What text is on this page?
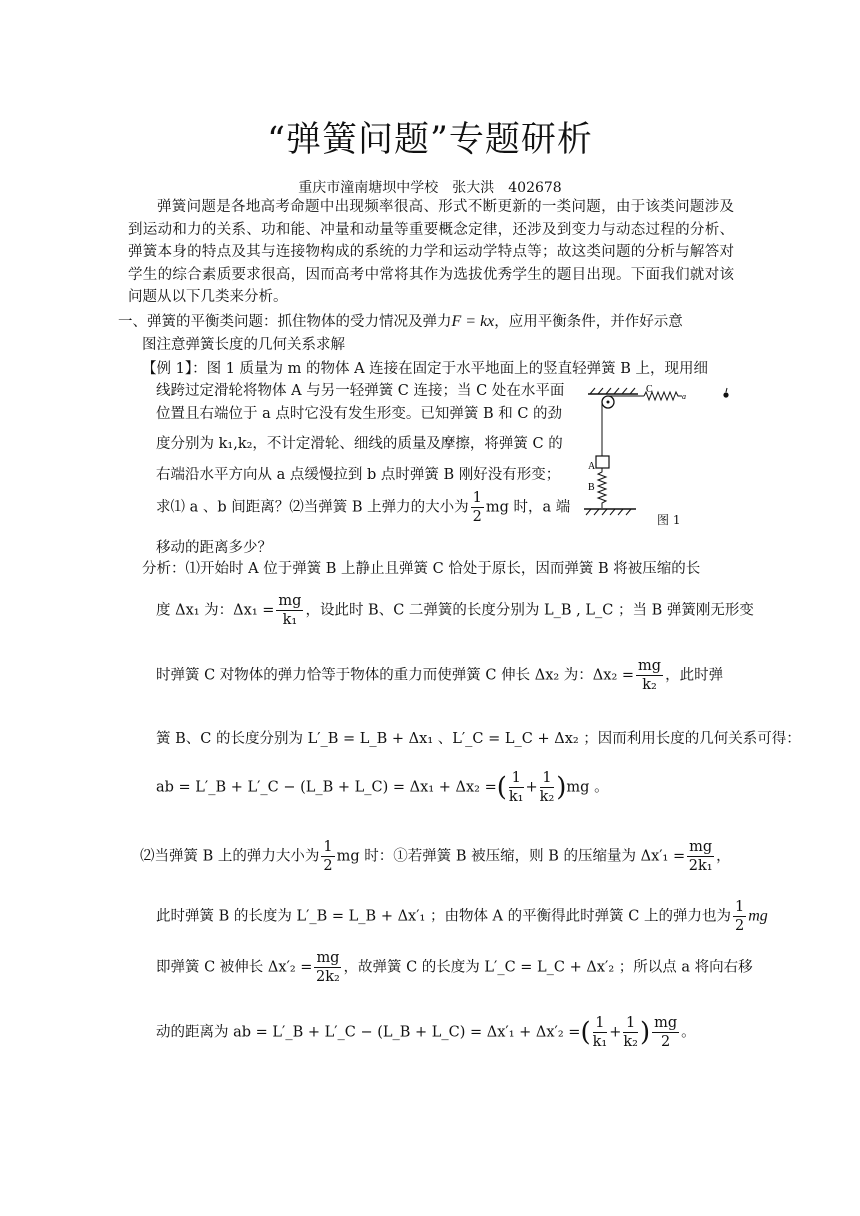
“弹簧问题”专题研析
重庆市潼南塘坝中学校　张大洪　402678
弹簧问题是各地高考命题中出现频率很高、形式不断更新的一类问题，由于该类问题涉及到运动和力的关系、功和能、冲量和动量等重要概念定律，还涉及到变力与动态过程的分析、弹簧本身的特点及其与连接物构成的系统的力学和运动学特点等；故这类问题的分析与解答对学生的综合素质要求很高，因而高考中常将其作为选拔优秀学生的题目出现。下面我们就对该问题从以下几类来分析。
一、弹簧的平衡类问题：抓住物体的受力情况及弹力F = kx，应用平衡条件，并作好示意
图注意弹簧长度的几何关系求解
【例 1】：图 1 质量为 m 的物体 A 连接在固定于水平地面上的竖直轻弹簧 B 上，现用细
线跨过定滑轮将物体 A 与另一轻弹簧 C 连接；当 C 处在水平面
位置且右端位于 a 点时它没有发生形变。已知弹簧 B 和 C 的劲
度分别为 k₁,k₂，不计定滑轮、细线的质量及摩擦，将弹簧 C 的
右端沿水平方向从 a 点缓慢拉到 b 点时弹簧 B 刚好没有形变；
求⑴ a 、b 间距离？⑵当弹簧 B 上弹力的大小为 $\frac{1}{2}$ mg 时，a 端
移动的距离多少？
C
a
A
B
图 1
分析：⑴开始时 A 位于弹簧 B 上静止且弹簧 C 恰处于原长，因而弹簧 B 将被压缩的长
度 Δx₁ 为：$\Delta x_1 = \frac{mg}{\text{k₁}}$ ，设此时 B、C 二弹簧的长度分别为 L_B , L_C ；当 B 弹簧刚无形变
时弹簧 C 对物体的弹力恰等于物体的重力而使弹簧 C 伸长 Δx₂ 为：$\Delta x_2 = \frac{mg}{\text{k₂}}$ ，此时弹
簧 B、C 的长度分别为 L′_B = L_B + Δx₁ 、L′_C = L_C + Δx₂ ；因而利用长度的几何关系可得：
ab = L′_B + L′_C − (L_B + L_C) = Δx₁ + Δx₂ =( $\frac{1}{\text{k₁}} + \frac{1}{\text{k₂}} )mg$ 。
⑵当弹簧 B 上的弹力大小为 $\frac{1}{2}$ mg 时：①若弹簧 B 被压缩，则 B 的压缩量为 $\Delta x'_1 = \frac{mg}{\text{2k₁}}$ ，
此时弹簧 B 的长度为 L′_B = L_B + Δx′₁ ；由物体 A 的平衡得此时弹簧 C 上的弹力也为 $\frac{1}{2}$ mg
即弹簧 C 被伸长 $\Delta x'_2 = \frac{mg}{\text{2k₂}}$ ，故弹簧 C 的长度为 L′_C = L_C + Δx′₂ ；所以点 a 将向右移
动的距离为 ab = L′_B + L′_C − (L_B + L_C) = Δx′₁ + Δx′₂ =( $\frac{1}{\text{k₁}} + \frac{1}{\text{k₂}}$ ) $\frac{mg}{2}$ 。
